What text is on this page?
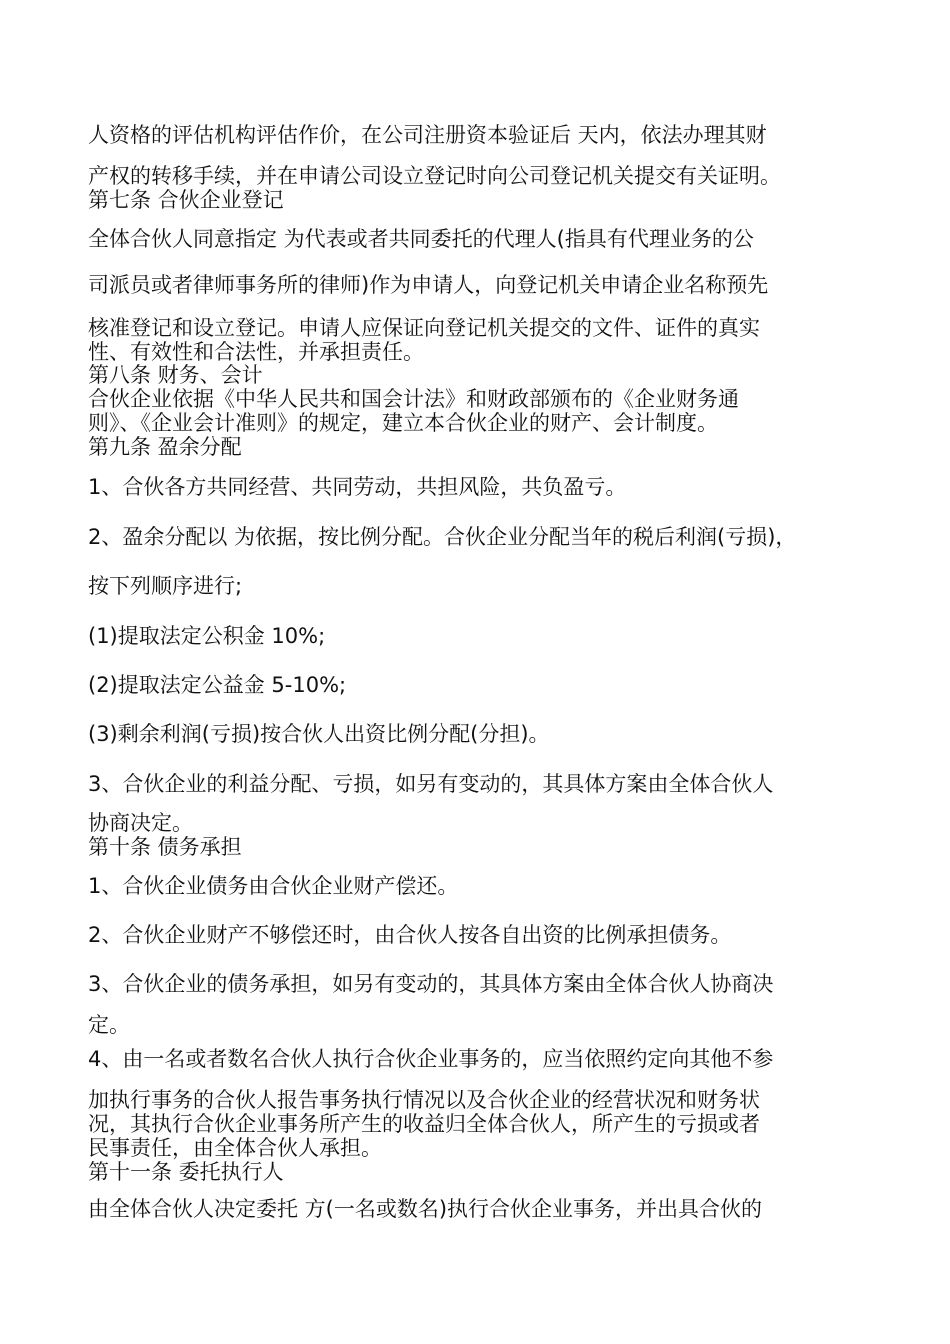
人资格的评估机构评估作价，在公司注册资本验证后 天内，依法办理其财
产权的转移手续，并在申请公司设立登记时向公司登记机关提交有关证明。
第七条 合伙企业登记
全体合伙人同意指定 为代表或者共同委托的代理人(指具有代理业务的公
司派员或者律师事务所的律师)作为申请人，向登记机关申请企业名称预先
核准登记和设立登记。申请人应保证向登记机关提交的文件、证件的真实
性、有效性和合法性，并承担责任。
第八条 财务、会计
合伙企业依据《中华人民共和国会计法》和财政部颁布的《企业财务通
则》、《企业会计准则》的规定，建立本合伙企业的财产、会计制度。
第九条 盈余分配
1、合伙各方共同经营、共同劳动，共担风险，共负盈亏。
2、盈余分配以 为依据，按比例分配。合伙企业分配当年的税后利润(亏损)，
按下列顺序进行;
(1)提取法定公积金 10%;
(2)提取法定公益金 5-10%;
(3)剩余利润(亏损)按合伙人出资比例分配(分担)。
3、合伙企业的利益分配、亏损，如另有变动的，其具体方案由全体合伙人
协商决定。
第十条 债务承担
1、合伙企业债务由合伙企业财产偿还。
2、合伙企业财产不够偿还时，由合伙人按各自出资的比例承担债务。
3、合伙企业的债务承担，如另有变动的，其具体方案由全体合伙人协商决
定。
4、由一名或者数名合伙人执行合伙企业事务的，应当依照约定向其他不参
加执行事务的合伙人报告事务执行情况以及合伙企业的经营状况和财务状
况，其执行合伙企业事务所产生的收益归全体合伙人，所产生的亏损或者
民事责任，由全体合伙人承担。
第十一条 委托执行人
由全体合伙人决定委托 方(一名或数名)执行合伙企业事务，并出具合伙的
